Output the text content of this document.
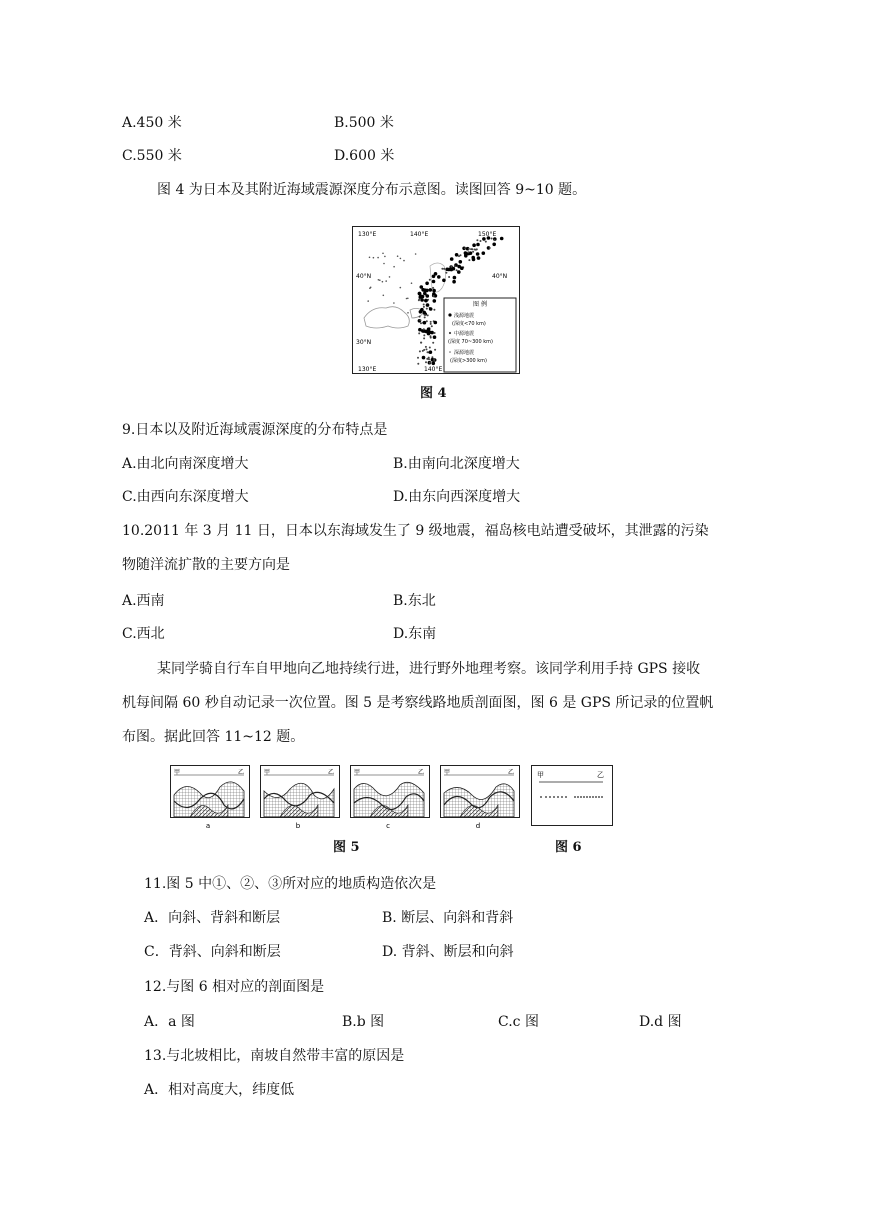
A.450 米	B.500 米
C.550 米	D.600 米
图 4 为日本及其附近海域震源深度分布示意图。读图回答 9~10 题。
图 例
浅源地震
(深度<70 km)
中源地震
(深度 70~300 km)
深源地震
(深度>300 km)
130°E	140°E	150°E
130°E	140°E
40°N
40°N
30°N
图 4
9.日本以及附近海域震源深度的分布特点是
A.由北向南深度增大	B.由南向北深度增大
C.由西向东深度增大	D.由东向西深度增大
10.2011 年 3 月 11 日，日本以东海域发生了 9 级地震，福岛核电站遭受破坏，其泄露的污染
物随洋流扩散的主要方向是
A.西南	B.东北
C.西北	D.东南
某同学骑自行车自甲地向乙地持续行进，进行野外地理考察。该同学利用手持 GPS 接收
机每间隔 60 秒自动记录一次位置。图 5 是考察线路地质剖面图，图 6 是 GPS 所记录的位置帆
布图。据此回答 11~12 题。
甲	乙
a
甲	乙
b
甲	乙
c
甲	乙
d
图 5
甲	乙
图 6
11.图 5 中①、②、③所对应的地质构造依次是
A．向斜、背斜和断层	B. 断层、向斜和背斜
C．背斜、向斜和断层	D. 背斜、断层和向斜
12.与图 6 相对应的剖面图是
A．a 图	B.b 图	C.c 图	D.d 图
13.与北坡相比，南坡自然带丰富的原因是
A．相对高度大，纬度低
